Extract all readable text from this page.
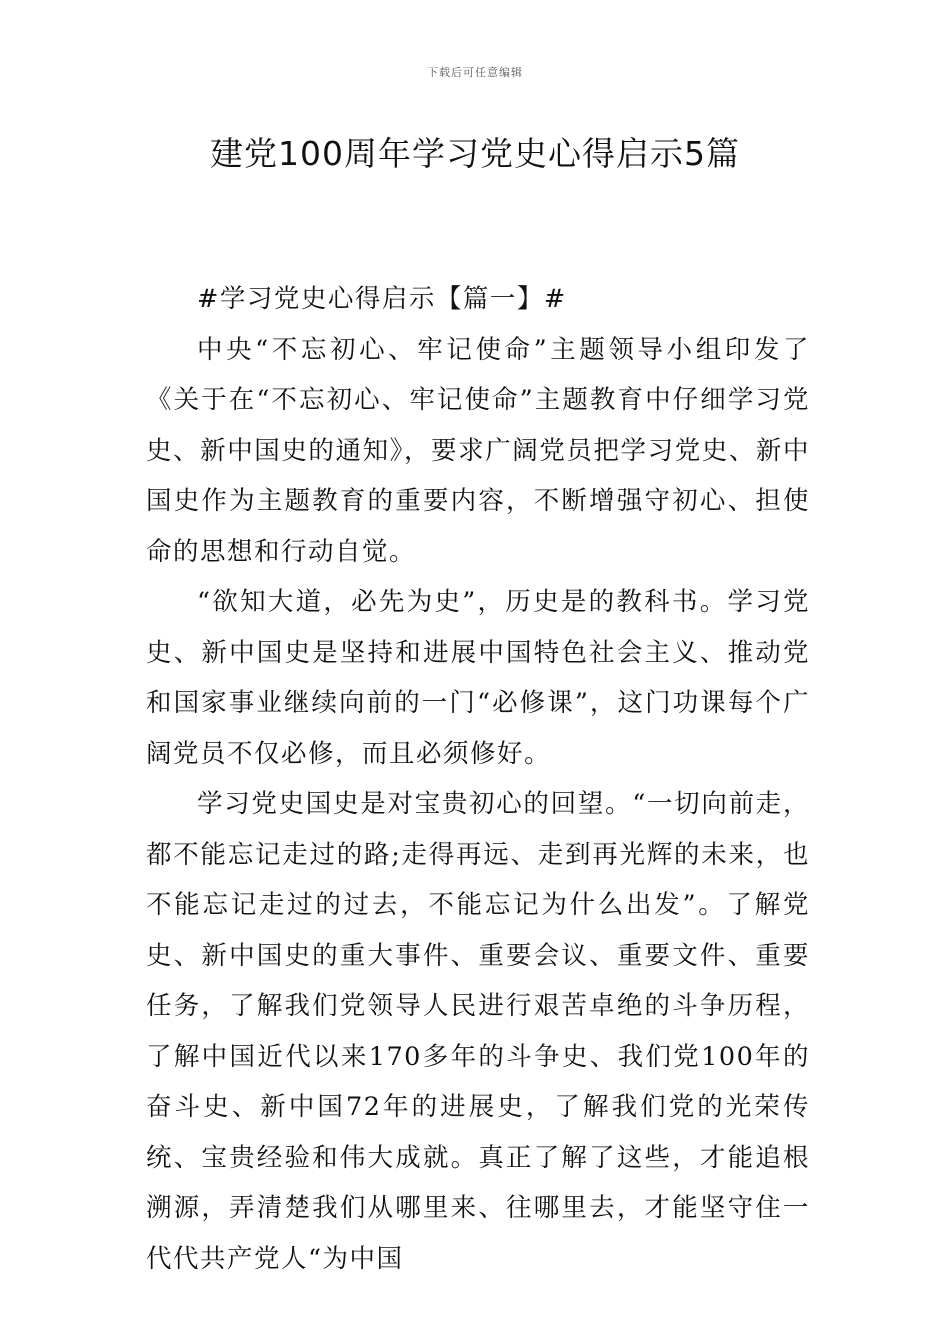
下载后可任意编辑
建党100周年学习党史心得启示5篇

#学习党史心得启示【篇一】#

中央“不忘初心、牢记使命”主题领导小组印发了《关于在“不忘初心、牢记使命”主题教育中仔细学习党史、新中国史的通知》，要求广阔党员把学习党史、新中国史作为主题教育的重要内容，不断增强守初心、担使命的思想和行动自觉。

“欲知大道，必先为史”，历史是的教科书。学习党史、新中国史是坚持和进展中国特色社会主义、推动党和国家事业继续向前的一门“必修课”，这门功课每个广阔党员不仅必修，而且必须修好。

学习党史国史是对宝贵初心的回望。“一切向前走，都不能忘记走过的路;走得再远、走到再光辉的未来，也不能忘记走过的过去，不能忘记为什么出发”。了解党史、新中国史的重大事件、重要会议、重要文件、重要任务，了解我们党领导人民进行艰苦卓绝的斗争历程，了解中国近代以来170多年的斗争史、我们党100年的奋斗史、新中国72年的进展史，了解我们党的光荣传统、宝贵经验和伟大成就。真正了解了这些，才能追根溯源，弄清楚我们从哪里来、往哪里去，才能坚守住一代代共产党人“为中国
